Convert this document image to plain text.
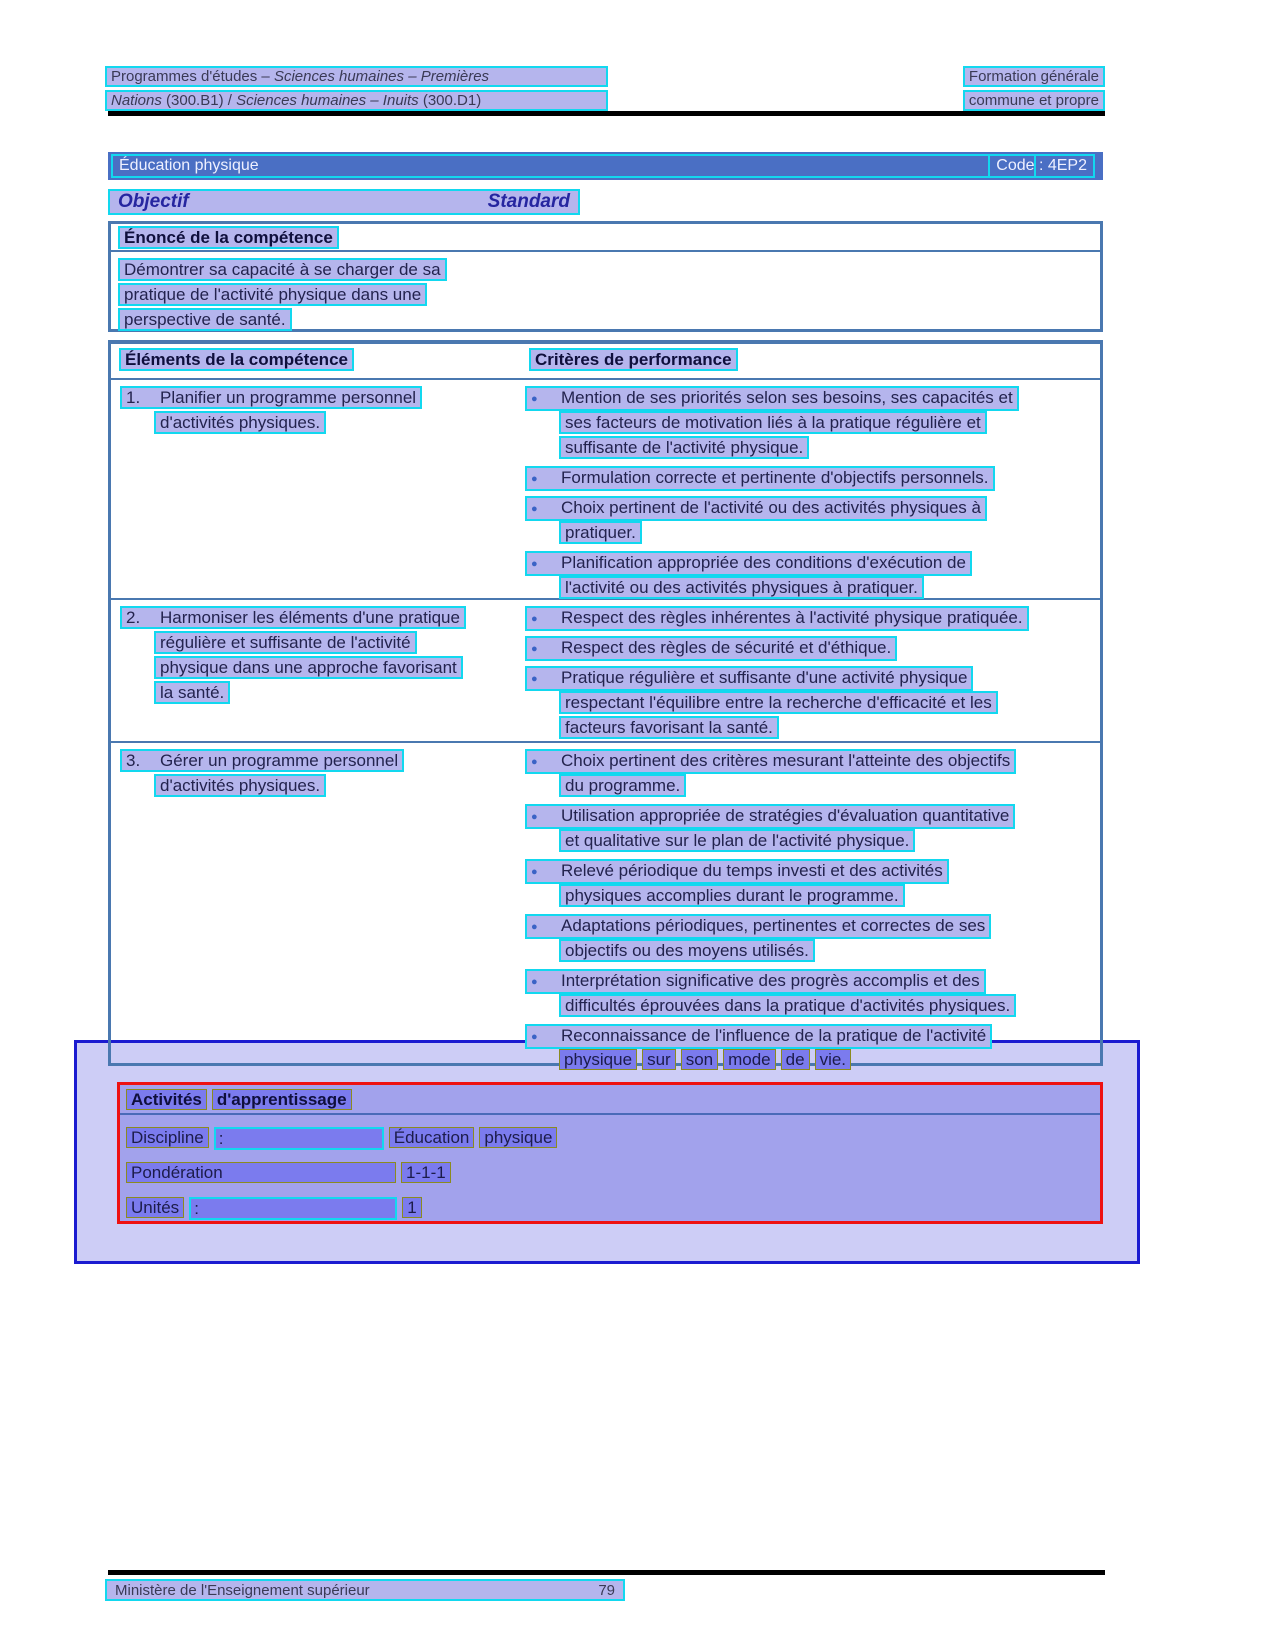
Programmes d'études – Sciences humaines – Premières	Formation générale
Nations (300.B1) / Sciences humaines – Inuits (300.D1)	commune et propre
Éducation physique	Code : 4EP2
Objectif	Standard
Énoncé de la compétence
Démontrer sa capacité à se charger de sa
pratique de l'activité physique dans une
perspective de santé.
Éléments de la compétence	Critères de performance
1. Planifier un programme personnel
d'activités physiques.
● Mention de ses priorités selon ses besoins, ses capacités et
ses facteurs de motivation liés à la pratique régulière et
suffisante de l'activité physique.
● Formulation correcte et pertinente d'objectifs personnels.
● Choix pertinent de l'activité ou des activités physiques à
pratiquer.
● Planification appropriée des conditions d'exécution de
l'activité ou des activités physiques à pratiquer.
2. Harmoniser les éléments d'une pratique
régulière et suffisante de l'activité
physique dans une approche favorisant
la santé.
● Respect des règles inhérentes à l'activité physique pratiquée.
● Respect des règles de sécurité et d'éthique.
● Pratique régulière et suffisante d'une activité physique
respectant l'équilibre entre la recherche d'efficacité et les
facteurs favorisant la santé.
3. Gérer un programme personnel
d'activités physiques.
● Choix pertinent des critères mesurant l'atteinte des objectifs
du programme.
● Utilisation appropriée de stratégies d'évaluation quantitative
et qualitative sur le plan de l'activité physique.
● Relevé périodique du temps investi et des activités
physiques accomplies durant le programme.
● Adaptations périodiques, pertinentes et correctes de ses
objectifs ou des moyens utilisés.
● Interprétation significative des progrès accomplis et des
difficultés éprouvées dans la pratique d'activités physiques.
● Reconnaissance de l'influence de la pratique de l'activité
physique sur son mode de vie.
Activités d'apprentissage
Discipline :	Éducation physique
Pondération	1-1-1
Unités :	1
Ministère de l'Enseignement supérieur	79
